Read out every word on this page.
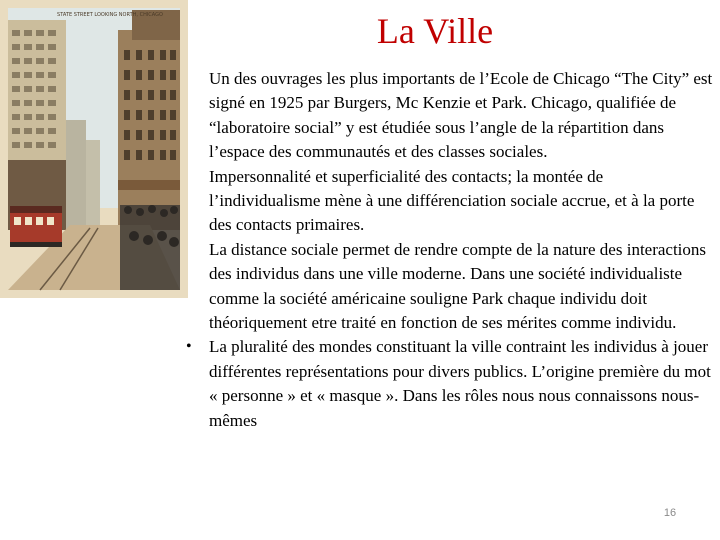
STATE STREET LOOKING NORTH, CHICAGO	La Ville
Un des ouvrages les plus importants de l’Ecole de Chicago “The City” est signé en 1925 par Burgers, Mc Kenzie et Park. Chicago, qualifiée de “laboratoire social” y est étudiée sous l’angle de la répartition dans l’espace des communautés et des classes sociales.
Impersonnalité et superficialité des contacts; la montée de l’individualisme mène à une différenciation sociale accrue, et à la porte des contacts primaires.
La distance sociale permet de rendre compte de la nature des interactions des individus dans une ville moderne. Dans une société individualiste comme la société américaine souligne Park chaque individu doit théoriquement etre traité en fonction de ses mérites comme individu.
•	La pluralité des mondes constituant la ville contraint les individus à jouer différentes représentations pour divers publics. L’origine première du mot « personne » et « masque ». Dans les rôles nous nous connaissons nous-mêmes
16
